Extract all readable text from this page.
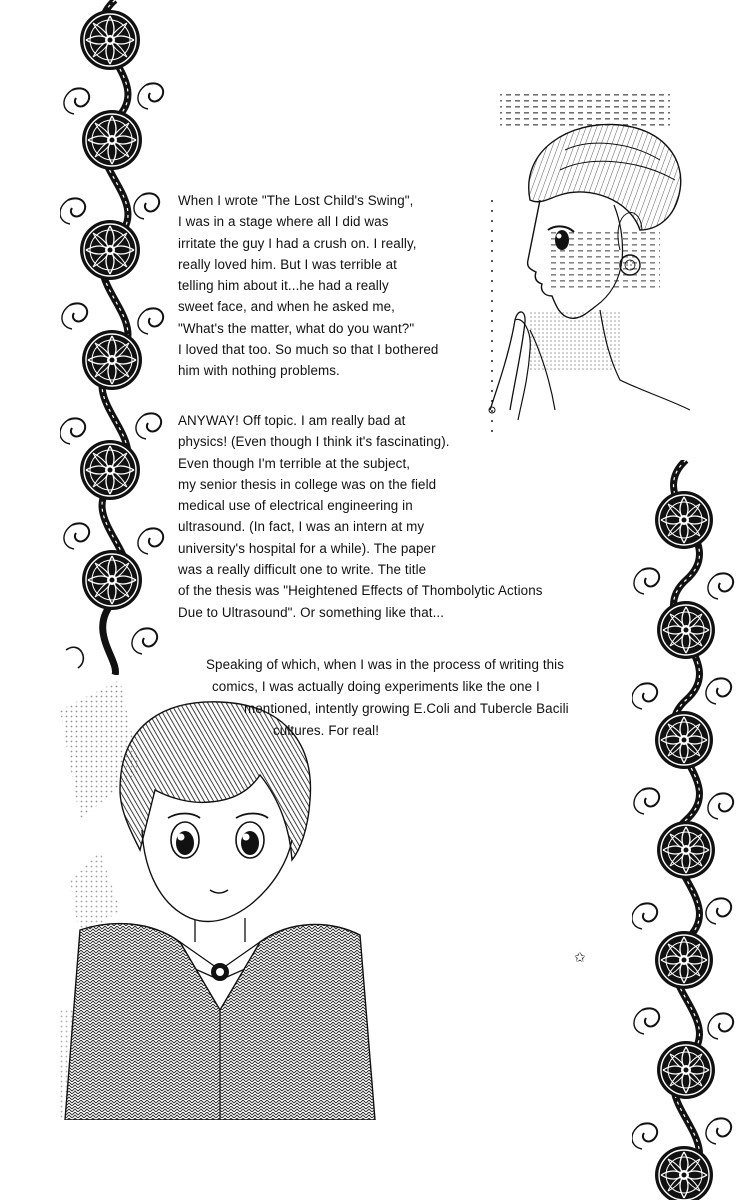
✩
When I wrote "The Lost Child's Swing",
I was in a stage where all I did was
irritate the guy I had a crush on. I really,
really loved him. But I was terrible at
telling him about it...he had a really
sweet face, and when he asked me,
"What's the matter, what do you want?"
I loved that too. So much so that I bothered
him with nothing problems.
ANYWAY! Off topic. I am really bad at
physics! (Even though I think it's fascinating).
Even though I'm terrible at the subject,
my senior thesis in college was on the field
medical use of electrical engineering in
ultrasound. (In fact, I was an intern at my
university's hospital for a while). The paper
was a really difficult one to write. The title
of the thesis was "Heightened Effects of Thombolytic Actions
Due to Ultrasound". Or something like that...
Speaking of which, when I was in the process of writing this
comics, I was actually doing experiments like the one I
mentioned, intently growing E.Coli and Tubercle Bacili
cultures. For real!
